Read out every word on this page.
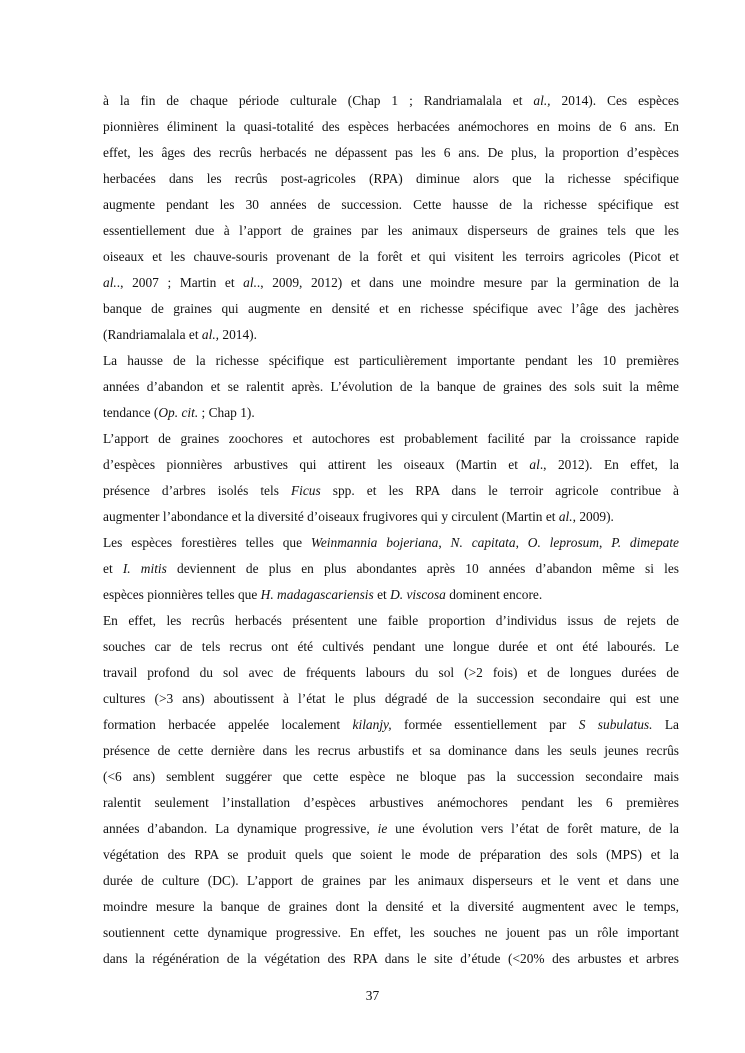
à la fin de chaque période culturale (Chap 1 ; Randriamalala et al., 2014). Ces espèces
pionnières éliminent la quasi-totalité des espèces herbacées anémochores en moins de 6 ans. En
effet, les âges des recrûs herbacés ne dépassent pas les 6 ans. De plus, la proportion d’espèces
herbacées dans les recrûs post-agricoles (RPA) diminue alors que la richesse spécifique
augmente pendant les 30 années de succession. Cette hausse de la richesse spécifique est
essentiellement due à l’apport de graines par les animaux disperseurs de graines tels que les
oiseaux et les chauve-souris provenant de la forêt et qui visitent les terroirs agricoles (Picot et
al.., 2007 ; Martin et al.., 2009, 2012) et dans une moindre mesure par la germination de la
banque de graines qui augmente en densité et en richesse spécifique avec l’âge des jachères
(Randriamalala et al., 2014).
La hausse de la richesse spécifique est particulièrement importante pendant les 10 premières
années d’abandon et se ralentit après. L’évolution de la banque de graines des sols suit la même
tendance (Op. cit. ; Chap 1).
L’apport de graines zoochores et autochores est probablement facilité par la croissance rapide
d’espèces pionnières arbustives qui attirent les oiseaux (Martin et al., 2012). En effet, la
présence d’arbres isolés tels Ficus spp. et les RPA dans le terroir agricole contribue à
augmenter l’abondance et la diversité d’oiseaux frugivores qui y circulent (Martin et al., 2009).
Les espèces forestières telles que Weinmannia bojeriana, N. capitata, O. leprosum, P. dimepate
et I. mitis deviennent de plus en plus abondantes après 10 années d’abandon même si les
espèces pionnières telles que H. madagascariensis et D. viscosa dominent encore.
En effet, les recrûs herbacés présentent une faible proportion d’individus issus de rejets de
souches car de tels recrus ont été cultivés pendant une longue durée et ont été labourés. Le
travail profond du sol avec de fréquents labours du sol (>2 fois) et de longues durées de
cultures (>3 ans) aboutissent à l’état le plus dégradé de la succession secondaire qui est une
formation herbacée appelée localement kilanjy, formée essentiellement par S subulatus. La
présence de cette dernière dans les recrus arbustifs et sa dominance dans les seuls jeunes recrûs
(<6 ans) semblent suggérer que cette espèce ne bloque pas la succession secondaire mais
ralentit seulement l’installation d’espèces arbustives anémochores pendant les 6 premières
années d’abandon. La dynamique progressive, ie une évolution vers l’état de forêt mature, de la
végétation des RPA se produit quels que soient le mode de préparation des sols (MPS) et la
durée de culture (DC). L’apport de graines par les animaux disperseurs et le vent et dans une
moindre mesure la banque de graines dont la densité et la diversité augmentent avec le temps,
soutiennent cette dynamique progressive. En effet, les souches ne jouent pas un rôle important
dans la régénération de la végétation des RPA dans le site d’étude (<20% des arbustes et arbres
37
